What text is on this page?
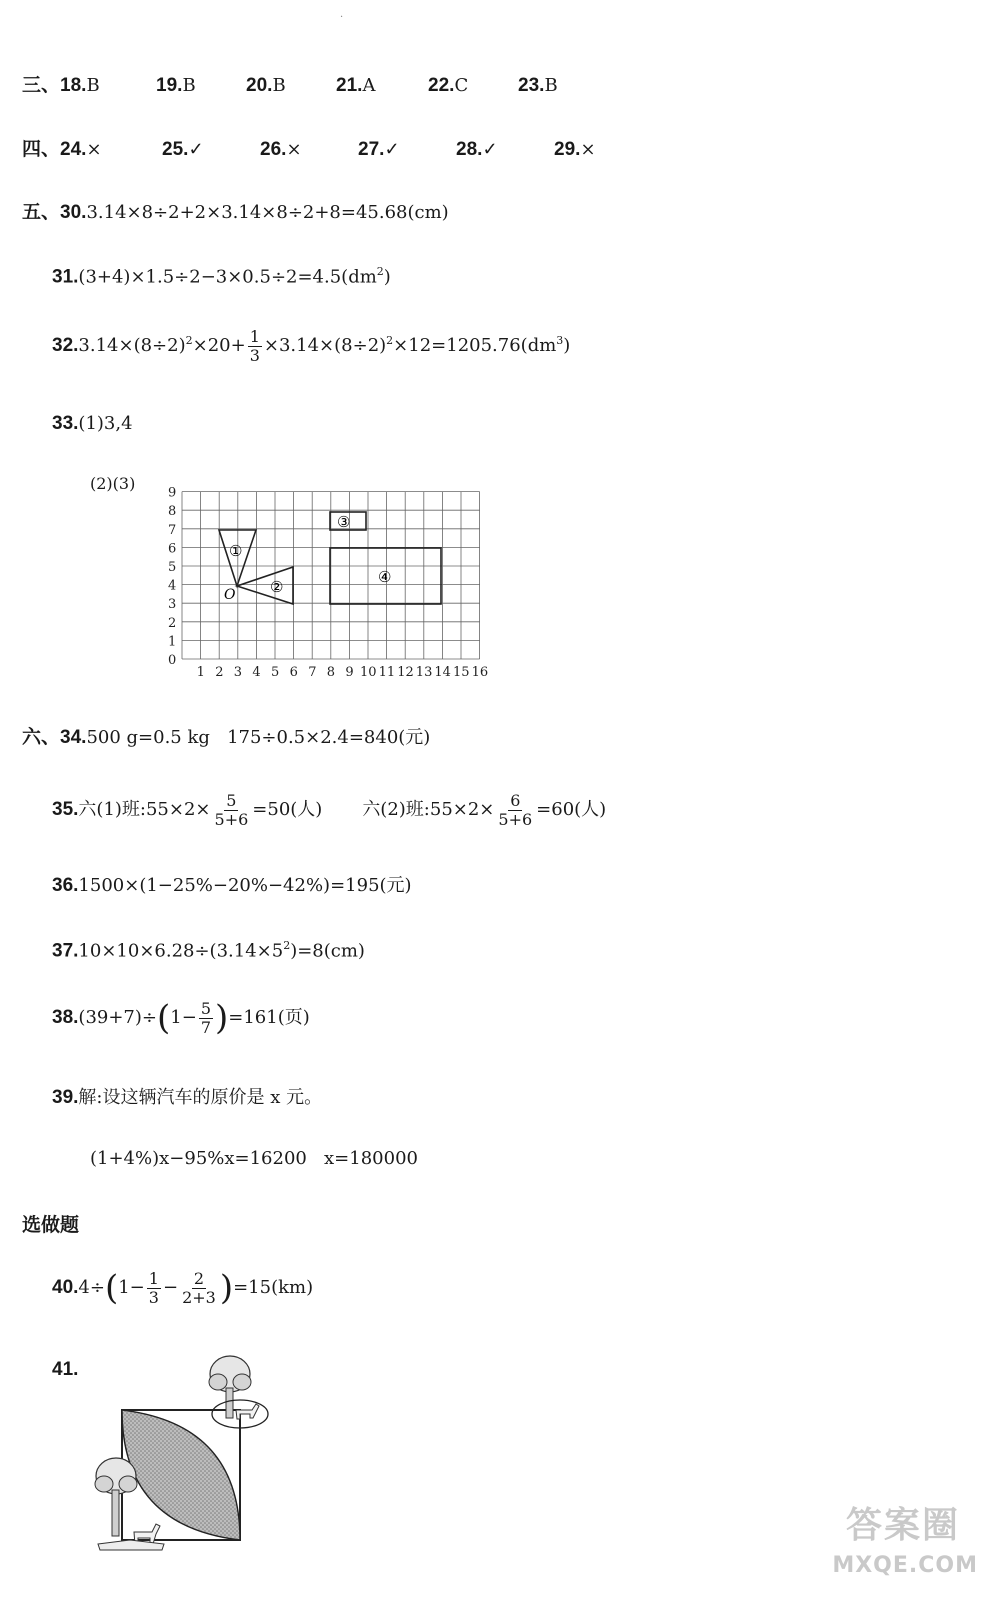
·
三、18.B	19.B	20.B	21.A	22.C	23.B
四、24.×	25.✓	26.×	27.✓	28.✓	29.×
五、30.3.14×8÷2+2×3.14×8÷2+8=45.68(cm)
$31.(3+4)\times 1.5\div 2-3\times 0.5\div 2=4.5(dm^2)$
$32.3.14\times(8\div 2)^2\times 20+ \frac{1}{3} \times 3.14\times(8\div 2)^2\times 12=1205.76(dm^3)$
33.(1)3,4
(2)(3)
0
1
2
3
4
5
6
7
8
9
1 2 3 4 5 6 7 8 9 10 11 12 13 14 15 16
①
②
③
④
O
六、34.500 g=0.5 kg   175÷0.5×2.4=840(元)
35.六(1)班:55×2× $\frac{5}{5+6} =50$(人) 六(2)班:55×2× $\frac{6}{5+6} =60$(人)
36.1500×(1−25%−20%−42%)=195(元)
$37.10\times 10\times 6.28\div(3.14\times 5^2)=8(cm)$
$38.(39+7)\div(1- \frac{5}{7} )=161$(页)
39.解:设这辆汽车的原价是 x 元。
(1+4%)x−95%x=16200   x=180000
选做题
$40.4\div(1- \frac{1}{3} - \frac{2}{2+3} )=15(km)$
41.
答案圈
MXQE.COM
